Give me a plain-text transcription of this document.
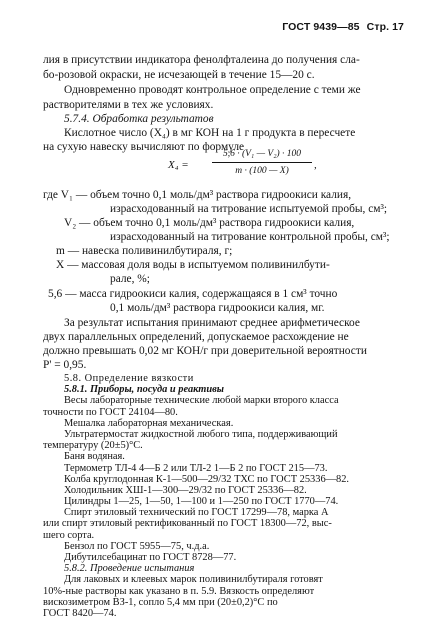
ГОСТ 9439—85 Стр. 17
лия в присутствии индикатора фенолфталеина до получения сла-
бо-розовой окраски, не исчезающей в течение 15—20 с.
Одновременно проводят контрольное определение с теми же
растворителями в тех же условиях.
5.7.4. Обработка результатов
Кислотное число (X₄) в мг КОН на 1 г продукта в пересчете
на сухую навеску вычисляют по формуле
X₄ =
5,6 · (V₁ — V₂) · 100
m · (100 — X)	,
где V₁ — объем точно 0,1 моль/дм³ раствора гидроокиси калия,
израсходованный на титрование испытуемой пробы, см³;
V₂ — объем точно 0,1 моль/дм³ раствора гидроокиси калия,
израсходованный на титрование контрольной пробы, см³;
m — навеска поливинилбутираля, г;
X — массовая доля воды в испытуемом поливинилбути-
рале, %;
5,6 — масса гидроокиси калия, содержащаяся в 1 см³ точно
0,1 моль/дм³ раствора гидроокиси калия, мг.
За результат испытания принимают среднее арифметическое
двух параллельных определений, допускаемое расхождение не
должно превышать 0,02 мг КОН/г при доверительной вероятности
P' = 0,95.
5.8. Определение вязкости
5.8.1. Приборы, посуда и реактивы
Весы лабораторные технические любой марки второго класса
точности по ГОСТ 24104—80.
Мешалка лабораторная механическая.
Ультратермостат жидкостной любого типа, поддерживающий
температуру (20±5)°С.
Баня водяная.
Термометр ТЛ-4 4—Б 2 или ТЛ-2 1—Б 2 по ГОСТ 215—73.
Колба круглодонная К-1—500—29/32 ТХС по ГОСТ 25336—82.
Холодильник ХШ-1—300—29/32 по ГОСТ 25336—82.
Цилиндры 1—25, 1—50, 1—100 и 1—250 по ГОСТ 1770—74.
Спирт этиловый технический по ГОСТ 17299—78, марка А
или спирт этиловый ректификованный по ГОСТ 18300—72, выс-
шего сорта.
Бензол по ГОСТ 5955—75, ч.д.а.
Дибутилсебацинат по ГОСТ 8728—77.
5.8.2. Проведение испытания
Для лаковых и клеевых марок поливинилбутираля готовят
10%-ные растворы как указано в п. 5.9. Вязкость определяют
вискозиметром ВЗ-1, сопло 5,4 мм при (20±0,2)°С по
ГОСТ 8420—74.
